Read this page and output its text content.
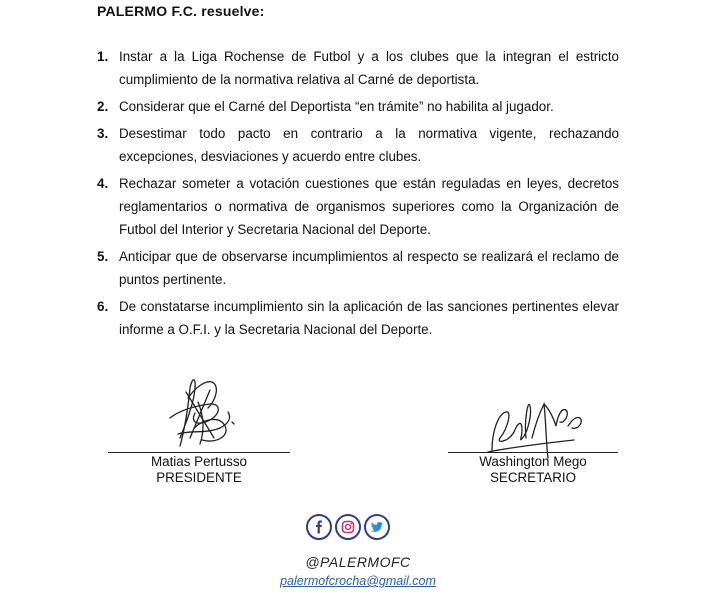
PALERMO F.C. resuelve:
1. Instar a la Liga Rochense de Futbol y a los clubes que la integran el estricto cumplimiento de la normativa relativa al Carné de deportista.
2. Considerar que el Carné del Deportista “en trámite” no habilita al jugador.
3. Desestimar todo pacto en contrario a la normativa vigente, rechazando excepciones, desviaciones y acuerdo entre clubes.
4. Rechazar someter a votación cuestiones que están reguladas en leyes, decretos reglamentarios o normativa de organismos superiores como la Organización de Futbol del Interior y Secretaria Nacional del Deporte.
5. Anticipar que de observarse incumplimientos al respecto se realizará el reclamo de puntos pertinente.
6. De constatarse incumplimiento sin la aplicación de las sanciones pertinentes elevar informe a O.F.I. y la Secretaria Nacional del Deporte.
Matias Pertusso
PRESIDENTE
Washington Mego
SECRETARIO
@PALERMOFC
palermofcrocha@gmail.com
